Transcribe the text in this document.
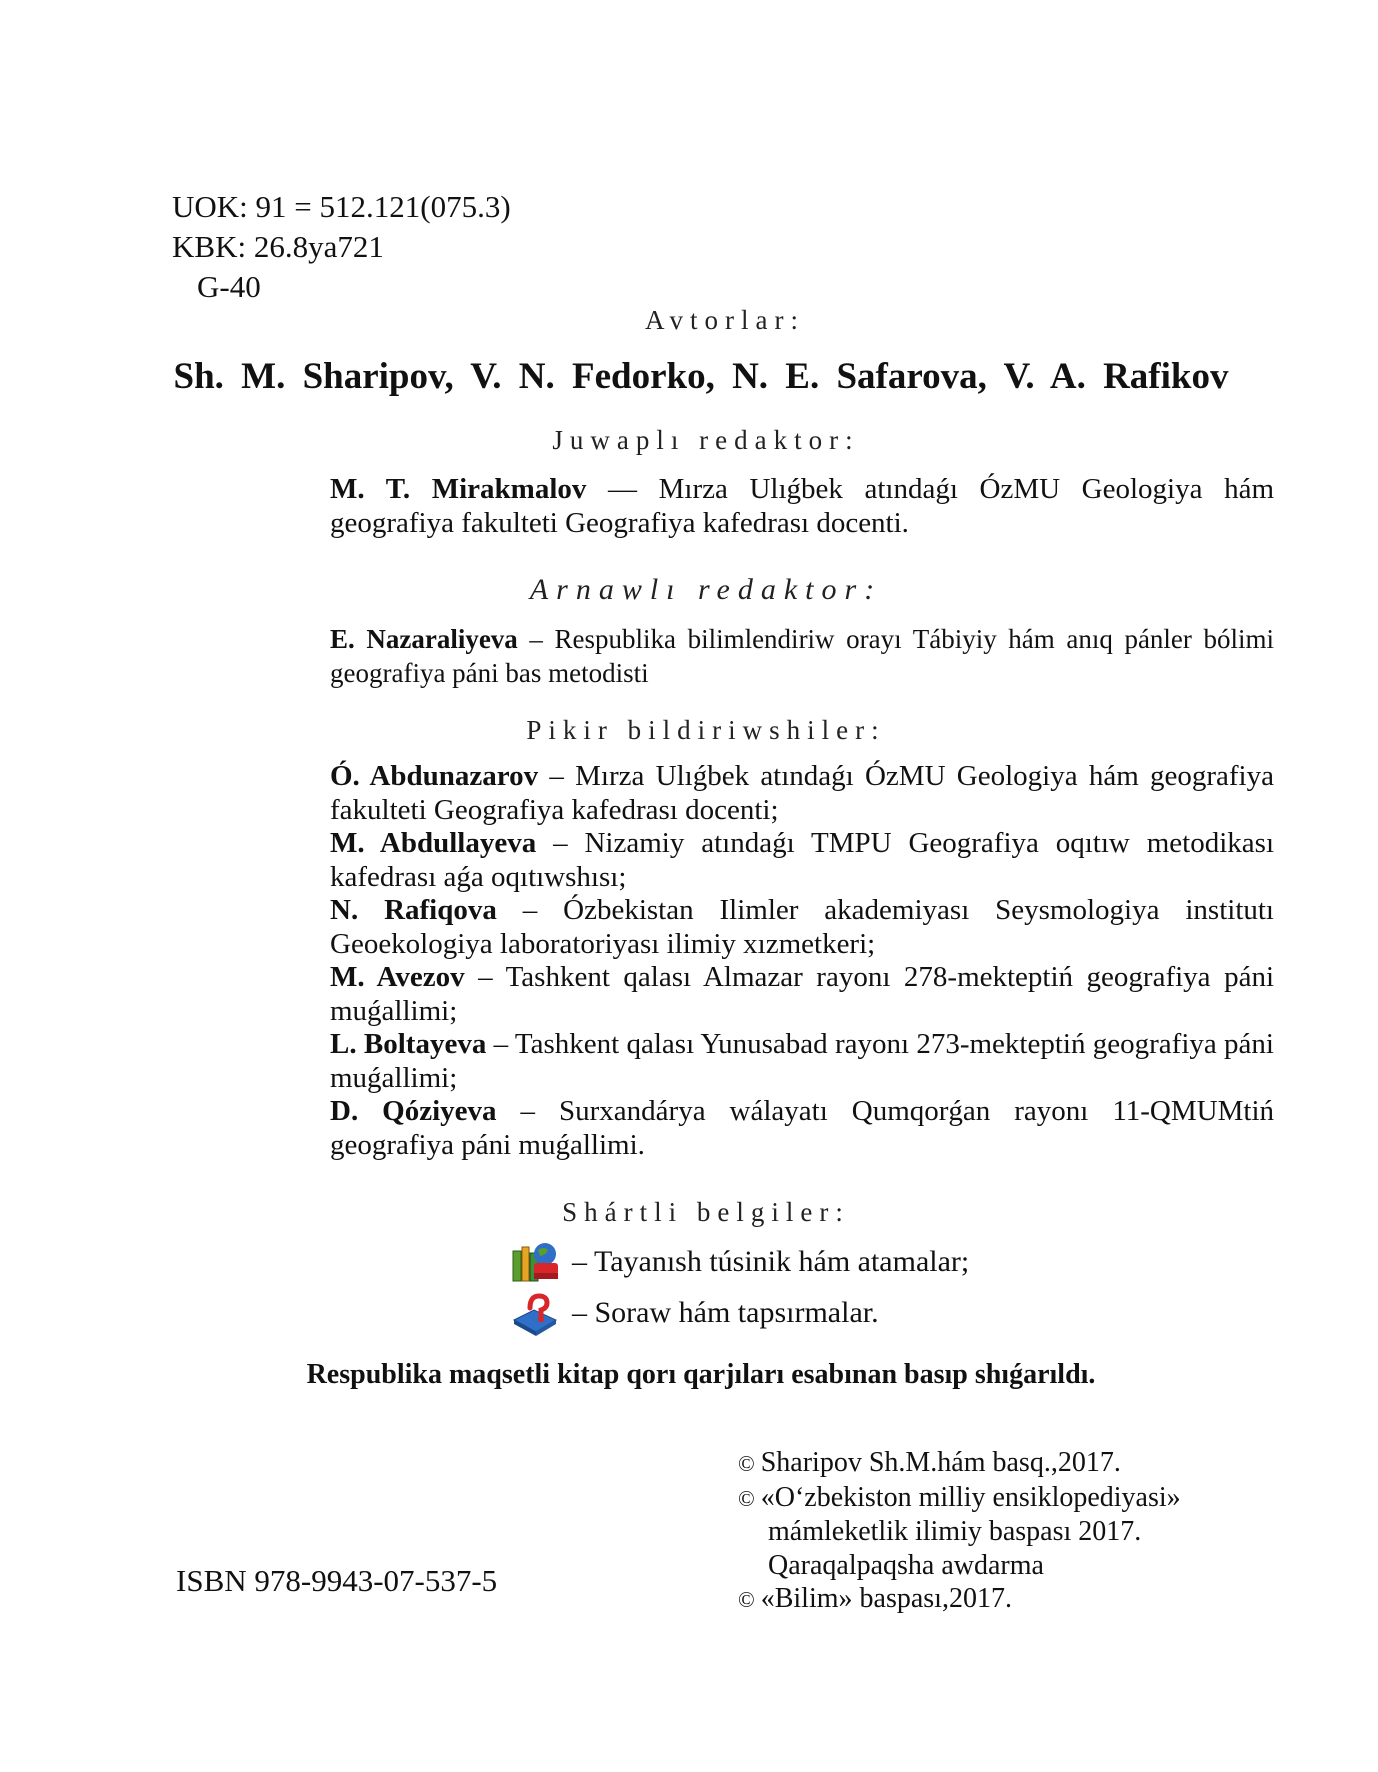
UOK: 91 = 512.121(075.3)
KBK: 26.8ya721
G-40
Avtorlar:
Sh. M. Sharipov, V. N. Fedorko, N. E. Safarova, V. A. Rafikov
Juwaplı redaktor:
M. T. Mirakmalov — Mırza Ulıǵbek atındaǵı ÓzMU Geologiya hám geografiya fakulteti Geografiya kafedrası docenti.
Arnawlı redaktor:
E. Nazaraliyeva – Respublika bilimlendiriw orayı Tábiyiy hám anıq pánler bólimi geografiya páni bas metodisti
Pikir bildiriwshiler:
Ó. Abdunazarov – Mırza Ulıǵbek atındaǵı ÓzMU Geologiya hám geografiya fakulteti Geografiya kafedrası docenti;
M. Abdullayeva – Nizamiy atındaǵı TMPU Geografiya oqıtıw metodikası kafedrası aǵa oqıtıwshısı;
N. Rafiqova – Ózbekistan Ilimler akademiyası Seysmologiya institutı Geoekologiya laboratoriyası ilimiy xızmetkeri;
M. Avezov – Tashkent qalası Almazar rayonı 278-mekteptiń geografiya páni muǵallimi;
L. Boltayeva – Tashkent qalası Yunusabad rayonı 273-mekteptiń geografiya páni muǵallimi;
D. Qóziyeva – Surxandárya wálayatı Qumqorǵan rayonı 11-QMUMtiń geografiya páni muǵallimi.
Shártli belgiler:
– Tayanısh túsinik hám atamalar;
– Soraw hám tapsırmalar.
Respublika maqsetli kitap qorı qarjıları esabınan basıp shıǵarıldı.
ISBN 978-9943-07-537-5
© Sharipov Sh.M.hám basq.,2017.
© «O‘zbekiston milliy ensiklopediyasi»
mámleketlik ilimiy baspası 2017.
Qaraqalpaqsha awdarma
© «Bilim» baspası,2017.
